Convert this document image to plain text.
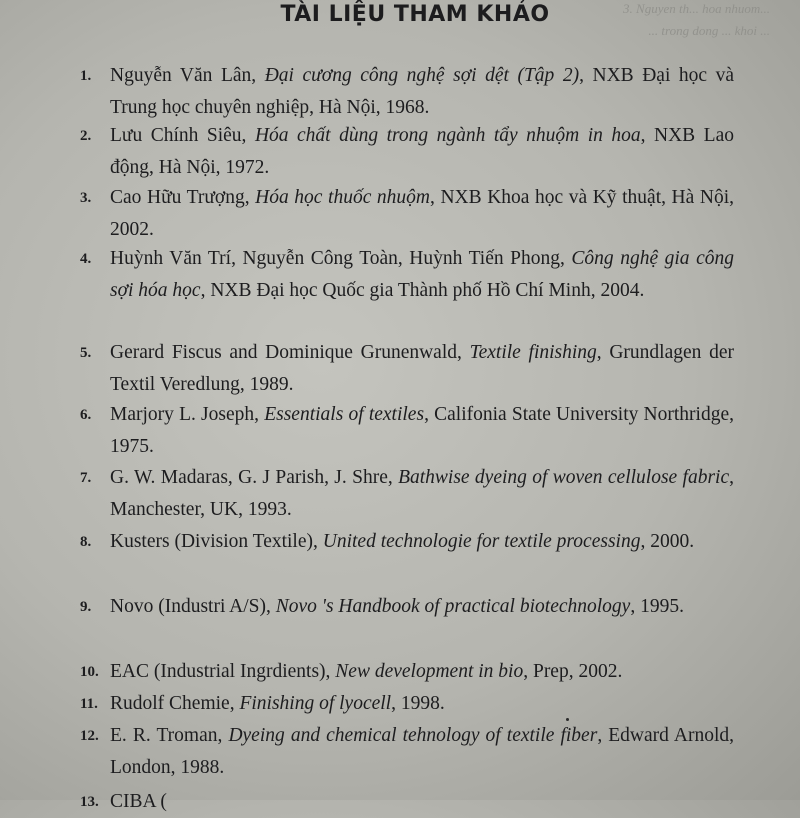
3. Nguyen th... hoa nhuom...
... trong dong ... khoi ...
TÀI LIỆU THAM KHẢO
1. Nguyễn Văn Lân, Đại cương công nghệ sợi dệt (Tập 2), NXB Đại học và Trung học chuyên nghiệp, Hà Nội, 1968.
2. Lưu Chính Siêu, Hóa chất dùng trong ngành tẩy nhuộm in hoa, NXB Lao động, Hà Nội, 1972.
3. Cao Hữu Trượng, Hóa học thuốc nhuộm, NXB Khoa học và Kỹ thuật, Hà Nội, 2002.
4. Huỳnh Văn Trí, Nguyễn Công Toàn, Huỳnh Tiến Phong, Công nghệ gia công sợi hóa học, NXB Đại học Quốc gia Thành phố Hồ Chí Minh, 2004.
5. Gerard Fiscus and Dominique Grunenwald, Textile finishing, Grundlagen der Textil Veredlung, 1989.
6. Marjory L. Joseph, Essentials of textiles, Califonia State University Northridge, 1975.
7. G. W. Madaras, G. J Parish, J. Shre, Bathwise dyeing of woven cellulose fabric, Manchester, UK, 1993.
8. Kusters (Division Textile), United technologie for textile processing, 2000.
9. Novo (Industri A/S), Novo 's Handbook of practical biotechnology, 1995.
10. EAC (Industrial Ingrdients), New development in bio, Prep, 2002.
11. Rudolf Chemie, Finishing of lyocell, 1998.
12. E. R. Troman, Dyeing and chemical tehnology of textile fiber, Edward Arnold, London, 1988.
13. CIBA (
